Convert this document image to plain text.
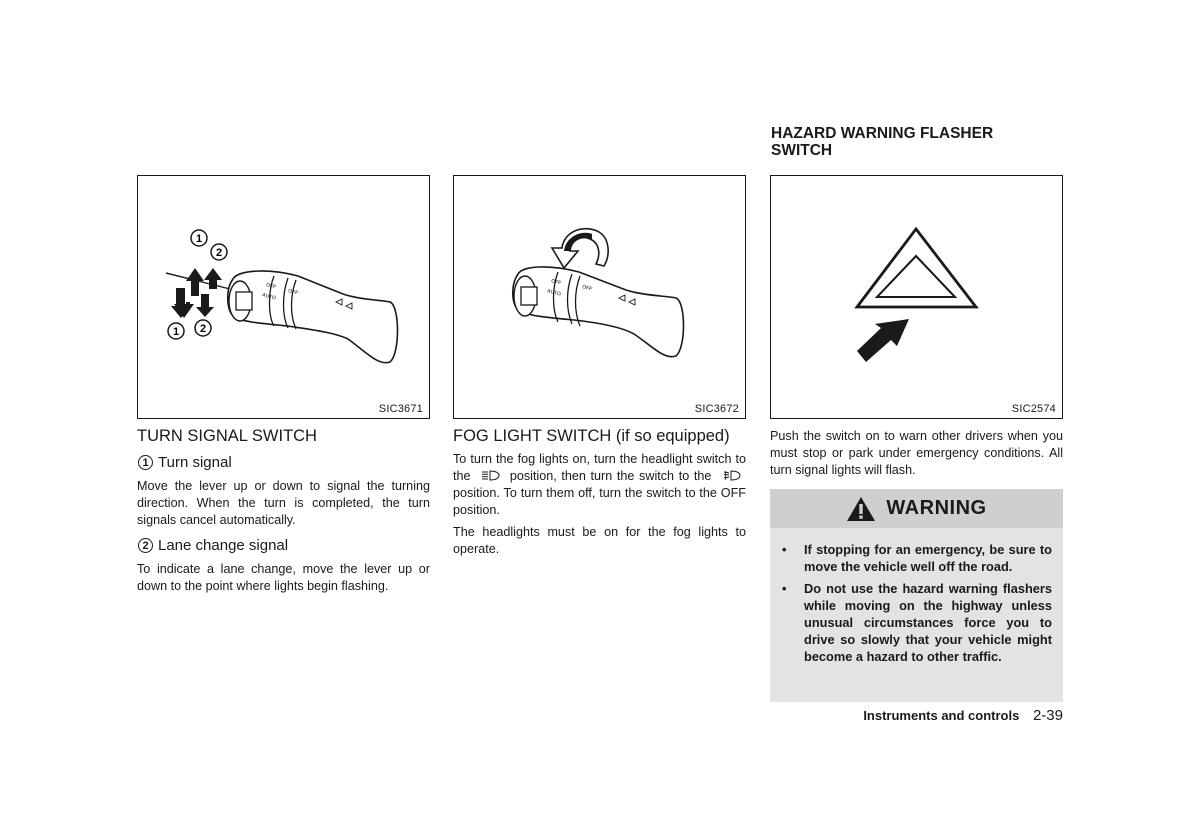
1
2
1 2
OFF
AUTO OFF
SIC3671
TURN SIGNAL SWITCH
1 Turn signal
Move the lever up or down to signal the turning direction. When the turn is completed, the turn signals cancel automatically.
2 Lane change signal
To indicate a lane change, move the lever up or down to the point where lights begin flashing.
OFF
AUTO	OFF
SIC3672
FOG LIGHT SWITCH (if so equipped)

To turn the fog lights on, turn the headlight switch to the	position, then turn the switch to the  position. To turn them off, turn the switch to the OFF position.

The headlights must be on for the fog lights to operate.

HAZARD WARNING FLASHER SWITCH
SIC2574
Push the switch on to warn other drivers when you must stop or park under emergency conditions. All turn signal lights will flash.
WARNING
• If stopping for an emergency, be sure to move the vehicle well off the road.
• Do not use the hazard warning flashers while moving on the highway unless unusual circumstances force you to drive so slowly that your vehicle might become a hazard to other traffic.
Instruments and controls 2-39
